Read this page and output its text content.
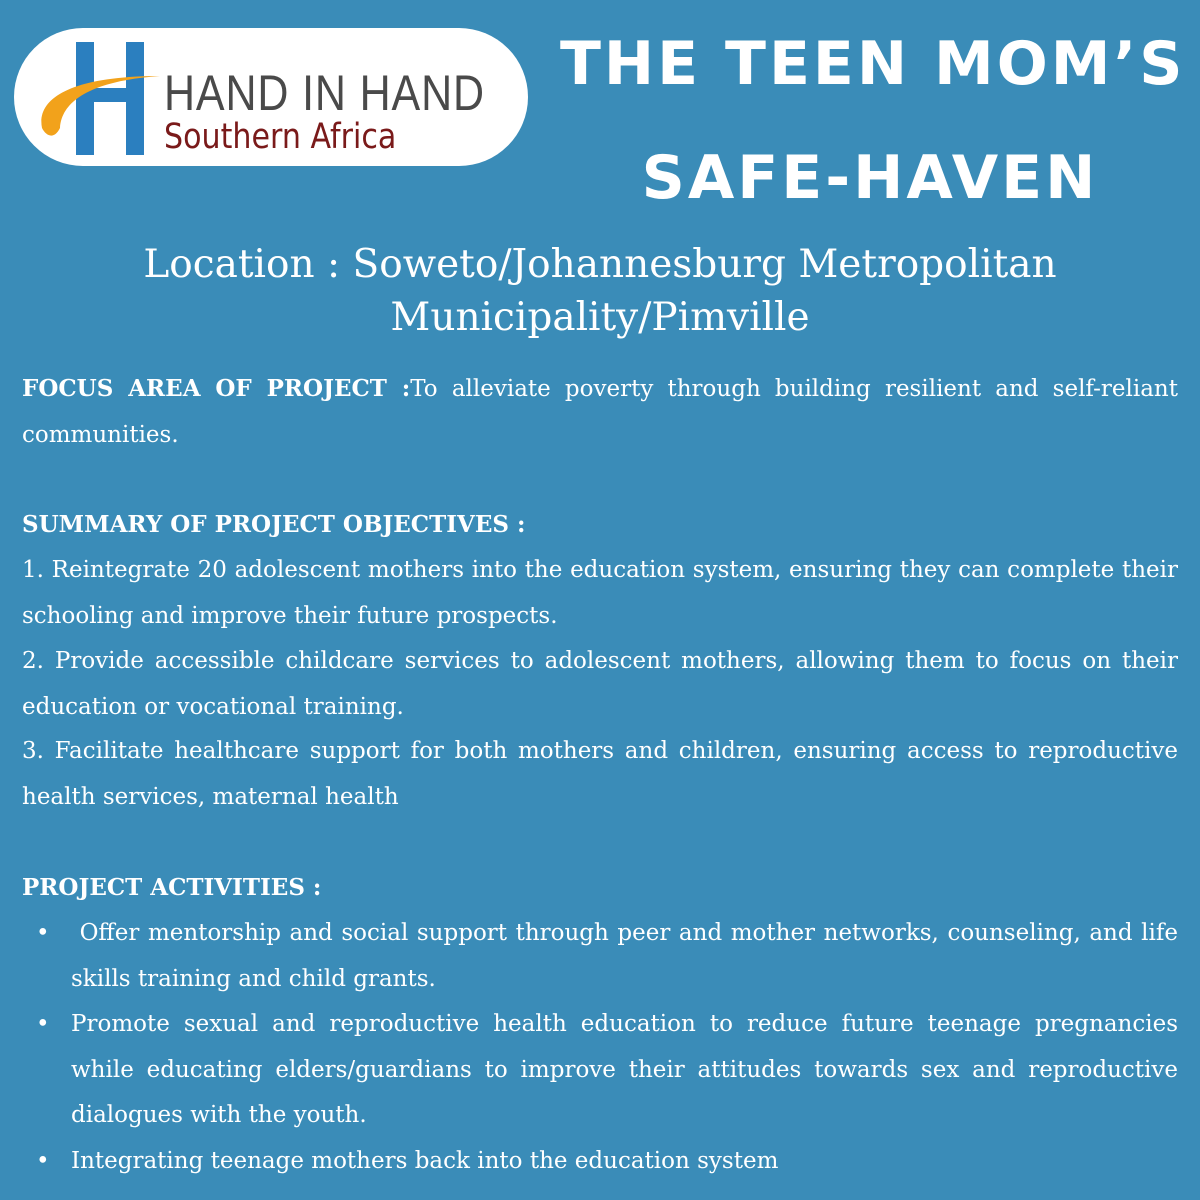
HAND IN HAND
Southern Africa
THE TEEN MOM’S
SAFE-HAVEN
Location : Soweto/Johannesburg Metropolitan
Municipality/Pimville
FOCUS AREA OF PROJECT :To alleviate poverty through building resilient and self-reliant communities.
SUMMARY OF PROJECT OBJECTIVES :
1. Reintegrate 20 adolescent mothers into the education system, ensuring they can complete their schooling and improve their future prospects.
2. Provide accessible childcare services to adolescent mothers, allowing them to focus on their education or vocational training.
3. Facilitate healthcare support for both mothers and children, ensuring access to reproductive health services, maternal health
PROJECT ACTIVITIES :
• Offer mentorship and social support through peer and mother networks, counseling, and life skills training and child grants.
• Promote sexual and reproductive health education to reduce future teenage pregnancies while educating elders/guardians to improve their attitudes towards sex and reproductive dialogues with the youth.
• Integrating teenage mothers back into the education system
